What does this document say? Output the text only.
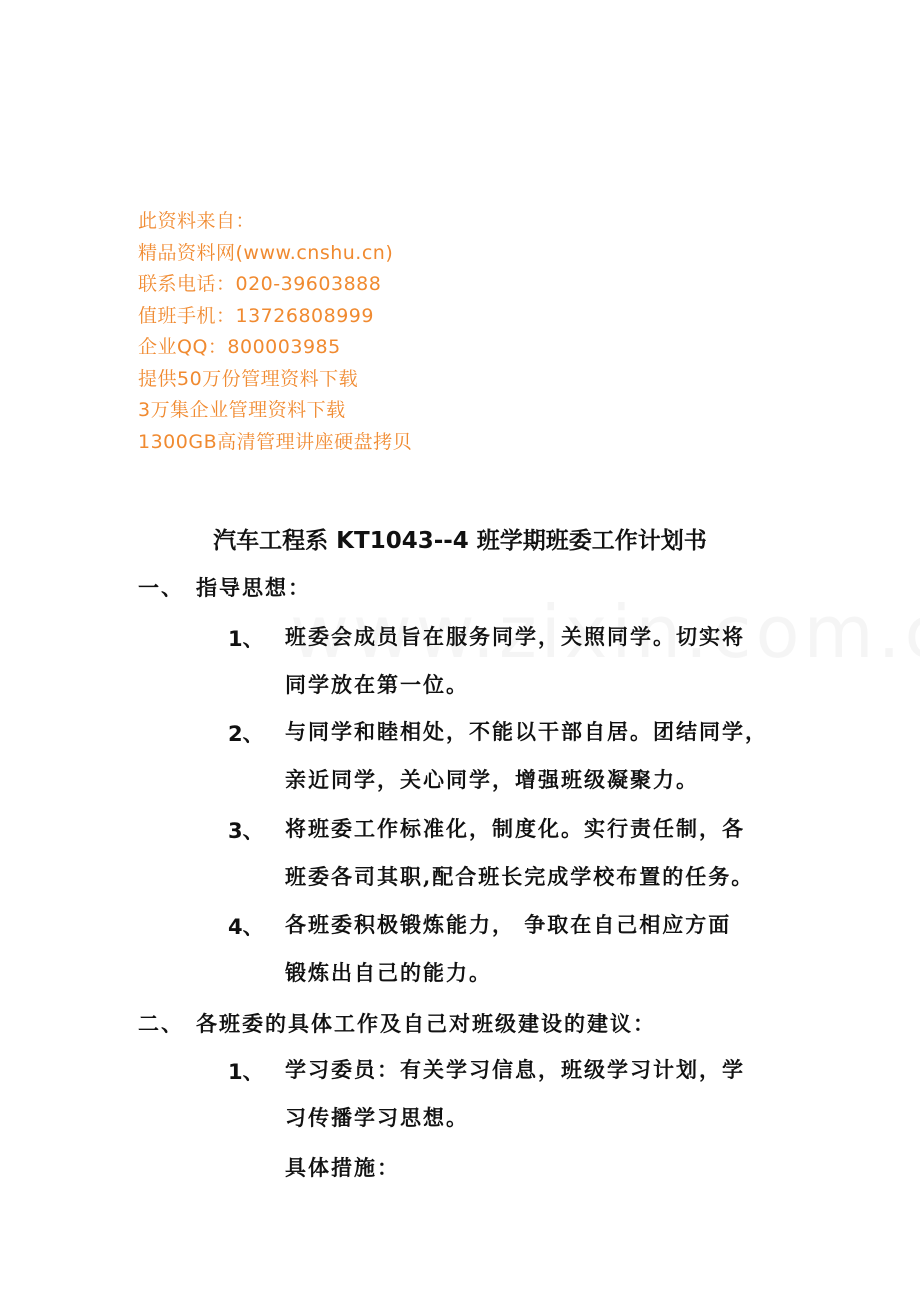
此资料来自：
精品资料网(www.cnshu.cn)
联系电话：020-39603888
值班手机：13726808999
企业QQ：800003985
提供50万份管理资料下载
3万集企业管理资料下载
1300GB高清管理讲座硬盘拷贝
汽车工程系 KT1043--4 班学期班委工作计划书
一、 指导思想：
1、 班委会成员旨在服务同学，关照同学。切实将
同学放在第一位。
2、 与同学和睦相处，不能以干部自居。团结同学，
亲近同学，关心同学，增强班级凝聚力。
3、 将班委工作标准化，制度化。实行责任制，各
班委各司其职,配合班长完成学校布置的任务。
4、 各班委积极锻炼能力， 争取在自己相应方面
锻炼出自己的能力。
二、 各班委的具体工作及自己对班级建设的建议：
1、 学习委员：有关学习信息，班级学习计划，学
习传播学习思想。
具体措施：
